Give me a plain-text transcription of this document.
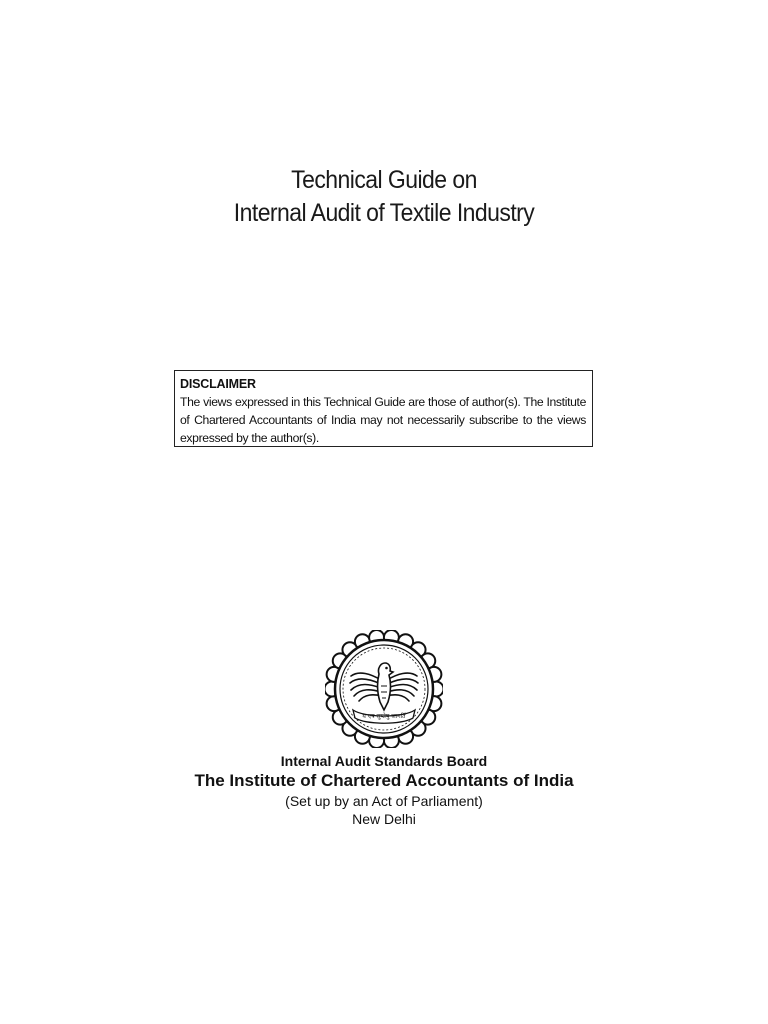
Technical Guide on
Internal Audit of Textile Industry
DISCLAIMER
The views expressed in this Technical Guide are those of author(s). The Institute of Chartered Accountants of India may not necessarily subscribe to the views expressed by the author(s).
य एष सुप्तेषु जागर्ति
Internal Audit Standards Board
The Institute of Chartered Accountants of India
(Set up by an Act of Parliament)
New Delhi
